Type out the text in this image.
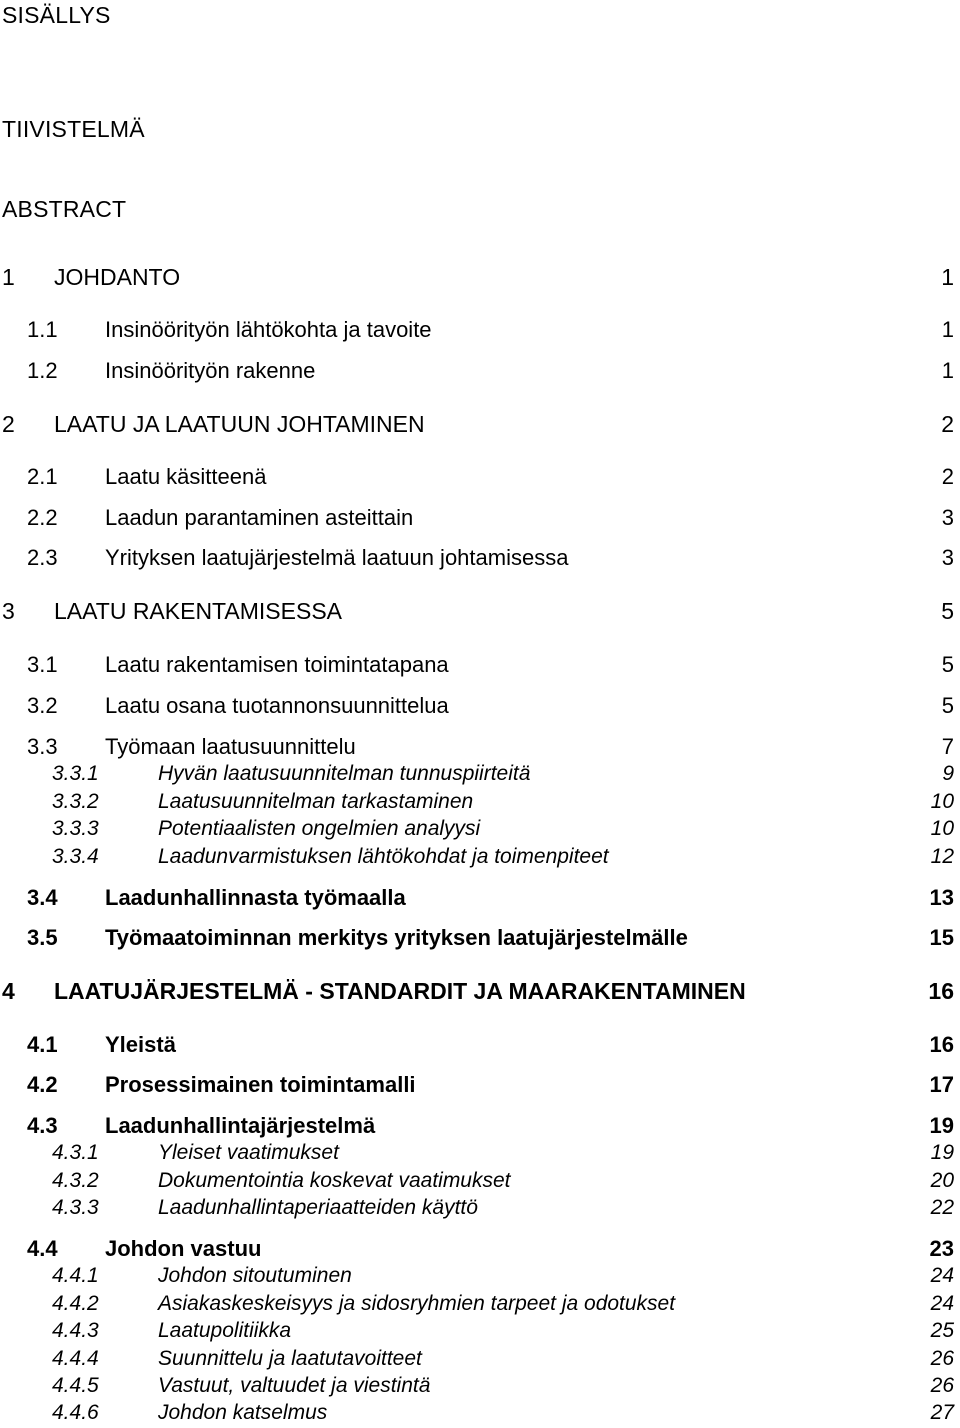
SISÄLLYS
TIIVISTELMÄ
ABSTRACT
1 JOHDANTO	1
1.1 Insinöörityön lähtökohta ja tavoite	1
1.2 Insinöörityön rakenne	1
2 LAATU JA LAATUUN JOHTAMINEN	2
2.1 Laatu käsitteenä	2
2.2 Laadun parantaminen asteittain	3
2.3 Yrityksen laatujärjestelmä laatuun johtamisessa	3
3 LAATU RAKENTAMISESSA	5
3.1 Laatu rakentamisen toimintatapana	5
3.2 Laatu osana tuotannonsuunnittelua	5
3.3 Työmaan laatusuunnittelu	7
3.3.1	Hyvän laatusuunnitelman tunnuspiirteitä	9
3.3.2	Laatusuunnitelman tarkastaminen	10
3.3.3	Potentiaalisten ongelmien analyysi	10
3.3.4	Laadunvarmistuksen lähtökohdat ja toimenpiteet	12
3.4 Laadunhallinnasta työmaalla	13
3.5 Työmaatoiminnan merkitys yrityksen laatujärjestelmälle	15
4 LAATUJÄRJESTELMÄ - STANDARDIT JA MAARAKENTAMINEN	16
4.1 Yleistä	16
4.2 Prosessimainen toimintamalli	17
4.3 Laadunhallintajärjestelmä	19
4.3.1	Yleiset vaatimukset	19
4.3.2	Dokumentointia koskevat vaatimukset	20
4.3.3	Laadunhallintaperiaatteiden käyttö	22
4.4 Johdon vastuu	23
4.4.1	Johdon sitoutuminen	24
4.4.2	Asiakaskeskeisyys ja sidosryhmien tarpeet ja odotukset	24
4.4.3	Laatupolitiikka	25
4.4.4	Suunnittelu ja laatutavoitteet	26
4.4.5	Vastuut, valtuudet ja viestintä	26
4.4.6	Johdon katselmus	27
